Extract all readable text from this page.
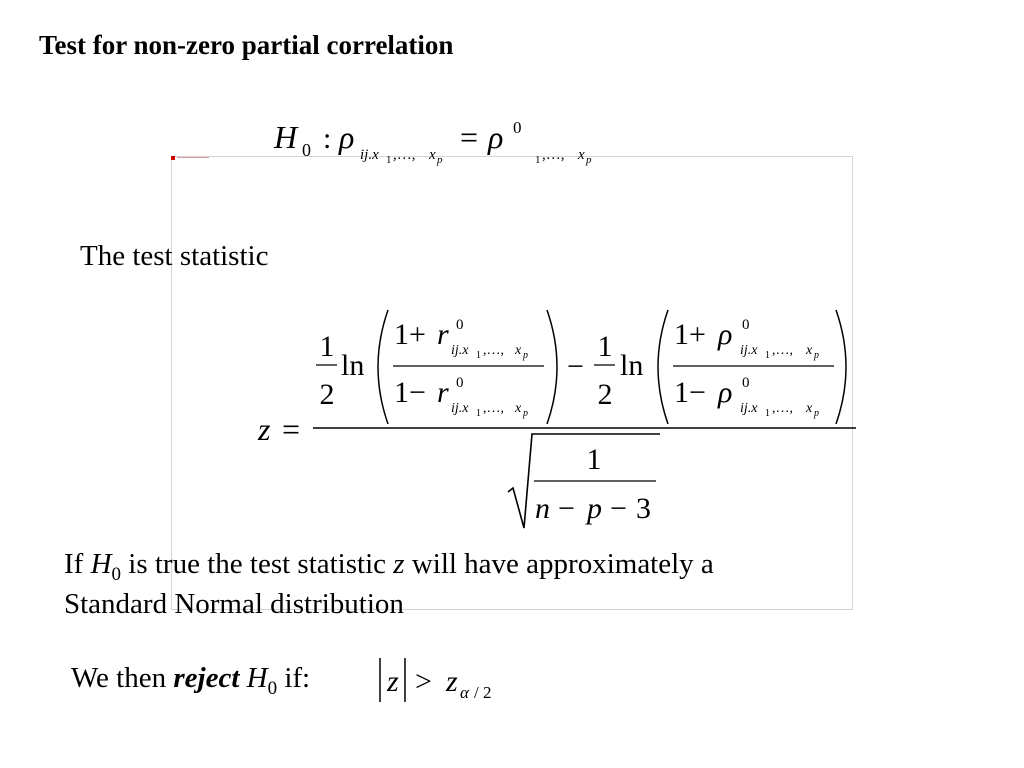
Test for non-zero partial correlation
H 0 : ρ ij.x 1 ,…, x p
= ρ 0
1 ,…, x p
The test statistic
z =
1
2
ln
1+ r 0
ij.x 1 ,…, x p
1− r 0
ij.x 1 ,…, x p
−
1
2
ln
1+ ρ 0
ij.x 1 ,…, x p
1− ρ 0
ij.x 1 ,…, x p
1
n − p − 3
If $H_0$ is true the test statistic z will have approximately a
Standard Normal distribution
We then reject $H_0$ if:	z > z α / 2
